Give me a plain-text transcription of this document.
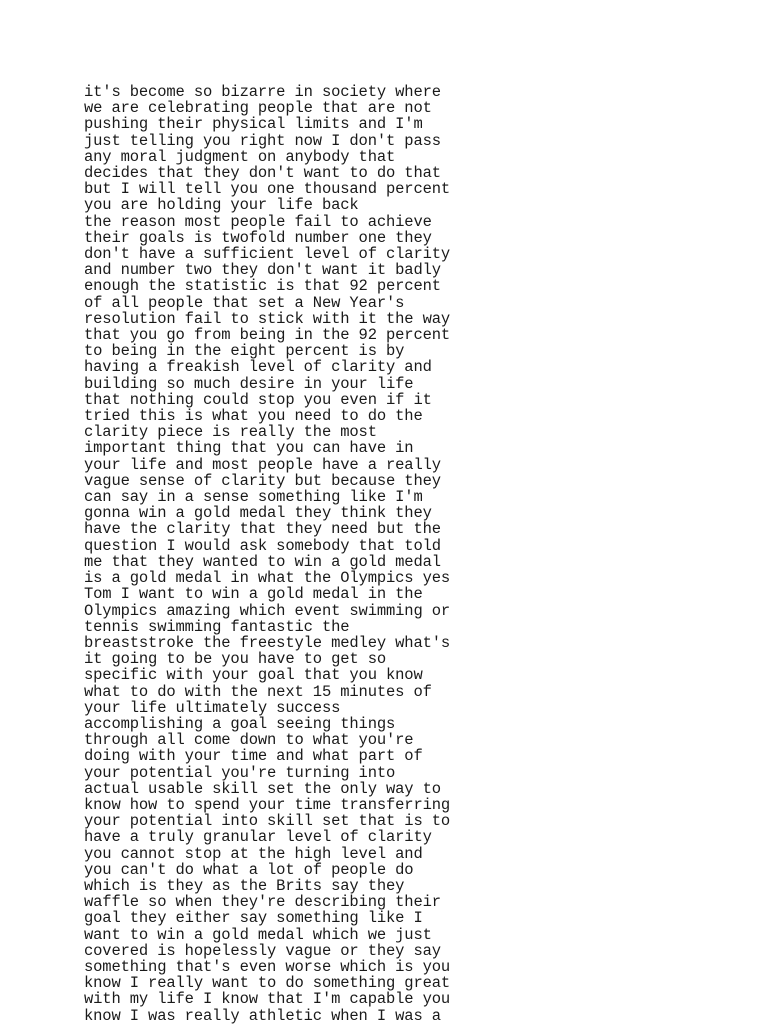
it's become so bizarre in society where
we are celebrating people that are not
pushing their physical limits and I'm
just telling you right now I don't pass
any moral judgment on anybody that
decides that they don't want to do that
but I will tell you one thousand percent
you are holding your life back
the reason most people fail to achieve
their goals is twofold number one they
don't have a sufficient level of clarity
and number two they don't want it badly
enough the statistic is that 92 percent
of all people that set a New Year's
resolution fail to stick with it the way
that you go from being in the 92 percent
to being in the eight percent is by
having a freakish level of clarity and
building so much desire in your life
that nothing could stop you even if it
tried this is what you need to do the
clarity piece is really the most
important thing that you can have in
your life and most people have a really
vague sense of clarity but because they
can say in a sense something like I'm
gonna win a gold medal they think they
have the clarity that they need but the
question I would ask somebody that told
me that they wanted to win a gold medal
is a gold medal in what the Olympics yes
Tom I want to win a gold medal in the
Olympics amazing which event swimming or
tennis swimming fantastic the
breaststroke the freestyle medley what's
it going to be you have to get so
specific with your goal that you know
what to do with the next 15 minutes of
your life ultimately success
accomplishing a goal seeing things
through all come down to what you're
doing with your time and what part of
your potential you're turning into
actual usable skill set the only way to
know how to spend your time transferring
your potential into skill set that is to
have a truly granular level of clarity
you cannot stop at the high level and
you can't do what a lot of people do
which is they as the Brits say they
waffle so when they're describing their
goal they either say something like I
want to win a gold medal which we just
covered is hopelessly vague or they say
something that's even worse which is you
know I really want to do something great
with my life I know that I'm capable you
know I was really athletic when I was a
